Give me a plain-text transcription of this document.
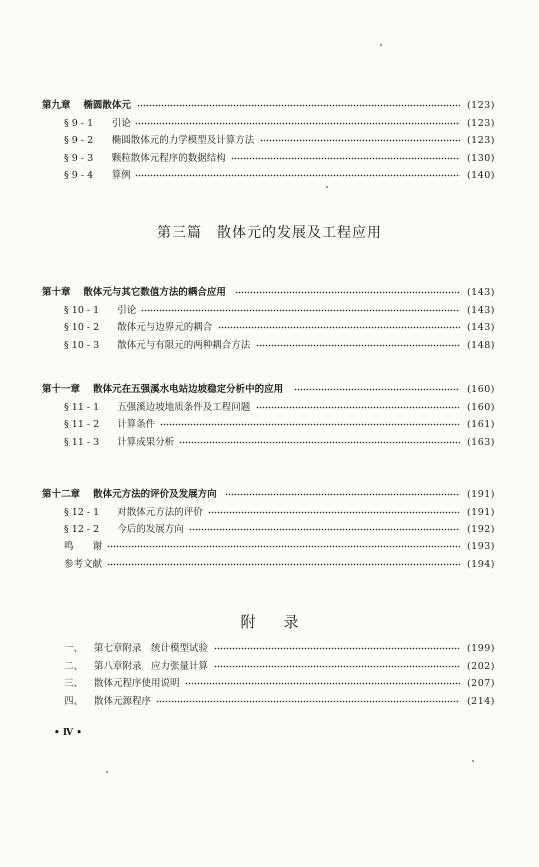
第三篇　散体元的发展及工程应用
附录
• Ⅳ •
第九章 椭圆散体元	(123)
§ 9 - 1 引论	(123)
§ 9 - 2 椭圆散体元的力学模型及计算方法	(123)
§ 9 - 3 颗粒散体元程序的数据结构	(130)
§ 9 - 4 算例	(140)
第十章 散体元与其它数值方法的耦合应用	(143)
§ 10 - 1 引论	(143)
§ 10 - 2 散体元与边界元的耦合	(143)
§ 10 - 3 散体元与有限元的两种耦合方法	(148)
第十一章 散体元在五强溪水电站边坡稳定分析中的应用	(160)
§ 11 - 1 五强溪边坡地质条件及工程问题	(160)
§ 11 - 2 计算条件	(161)
§ 11 - 3 计算成果分析	(163)
第十二章 散体元方法的评价及发展方向	(191)
§ 12 - 1 对散体元方法的评价	(191)
§ 12 - 2 今后的发展方向	(192)
鸣　　谢	(193)
参考文献	(194)
一、 第七章附录　统计模型试验	(199)
二、 第八章附录　应力张量计算	(202)
三、 散体元程序使用说明	(207)
四、 散体元源程序	(214)
